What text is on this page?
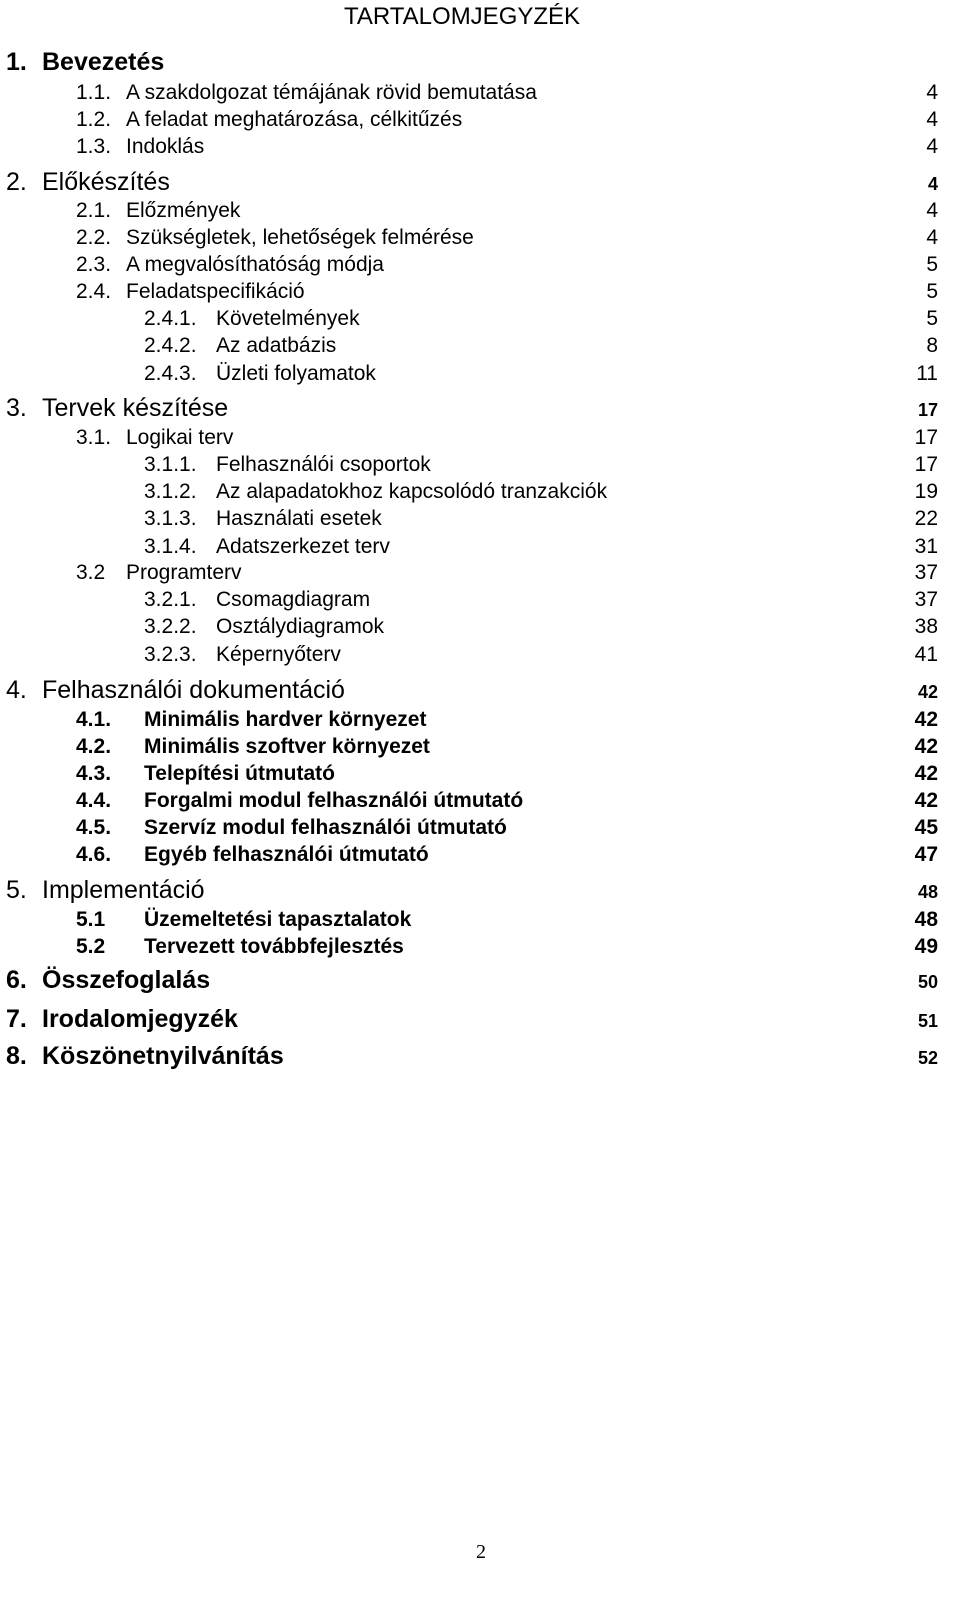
TARTALOMJEGYZÉK
1. Bevezetés
1.1. A szakdolgozat témájának rövid bemutatása	4
1.2. A feladat meghatározása, célkitűzés	4
1.3. Indoklás	4
2. Előkészítés	4
2.1. Előzmények	4
2.2. Szükségletek, lehetőségek felmérése	4
2.3. A megvalósíthatóság módja	5
2.4. Feladatspecifikáció	5
2.4.1. Követelmények	5
2.4.2. Az adatbázis	8
2.4.3. Üzleti folyamatok	11
3. Tervek készítése	17
3.1. Logikai terv	17
3.1.1. Felhasználói csoportok	17
3.1.2. Az alapadatokhoz kapcsolódó tranzakciók	19
3.1.3. Használati esetek	22
3.1.4. Adatszerkezet terv	31
3.2 Programterv	37
3.2.1. Csomagdiagram	37
3.2.2. Osztálydiagramok	38
3.2.3. Képernyőterv	41
4. Felhasználói dokumentáció	42
4.1. Minimális hardver környezet	42
4.2. Minimális szoftver környezet	42
4.3. Telepítési útmutató	42
4.4. Forgalmi modul felhasználói útmutató	42
4.5. Szervíz modul felhasználói útmutató	45
4.6. Egyéb felhasználói útmutató	47
5. Implementáció	48
5.1 Üzemeltetési tapasztalatok	48
5.2 Tervezett továbbfejlesztés	49
6. Összefoglalás	50
7. Irodalomjegyzék	51
8. Köszönetnyilvánítás	52
2
